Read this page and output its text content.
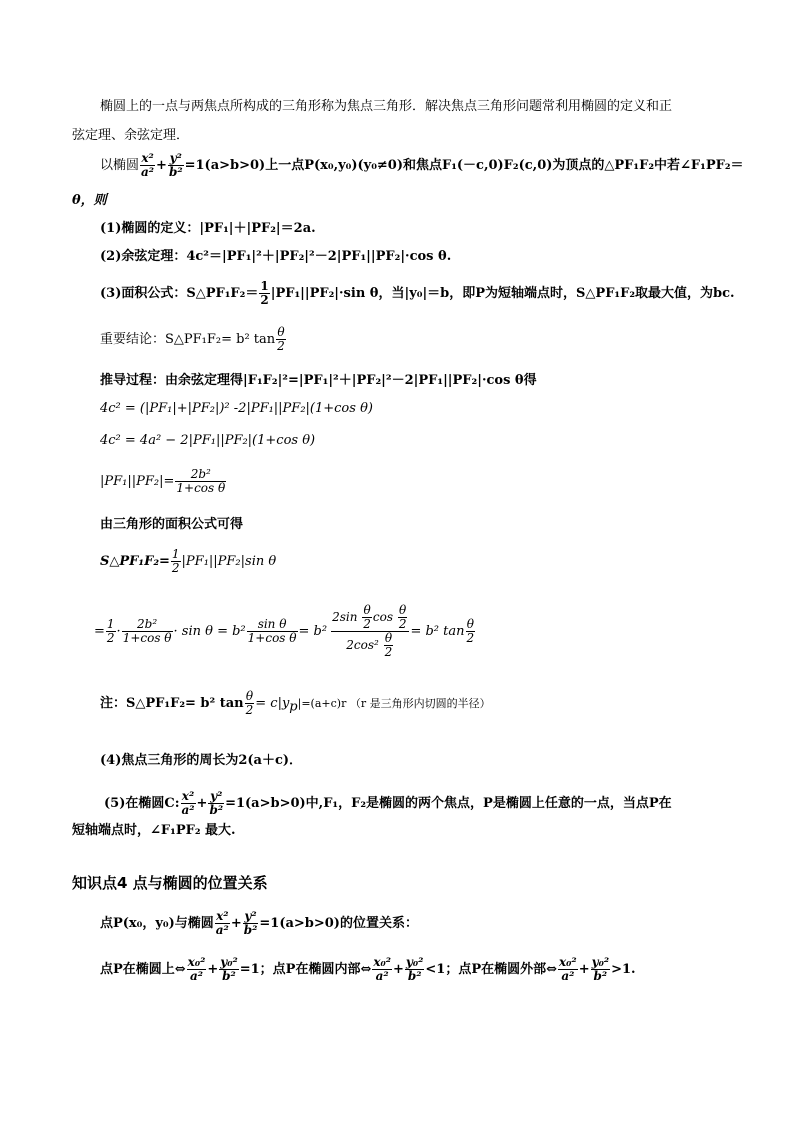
椭圆上的一点与两焦点所构成的三角形称为焦点三角形．解决焦点三角形问题常利用椭圆的定义和正
弦定理、余弦定理．
以椭圆 $\frac{\text{x²}}{\text{a²}} + \frac{\text{y²}}{\text{b²}} =1(a>b>0)$上一点P(x₀,y₀)(y₀≠0)和焦点F₁(－c,0)F₂(c,0)为顶点的△PF₁F₂中若∠F₁PF₂＝
θ，则
(1)椭圆的定义：|PF₁|＋|PF₂|＝2a.
(2)余弦定理：4c²＝|PF₁|²＋|PF₂|²－2|PF₁||PF₂|·cos θ.
(3)面积公式：S△PF₁F₂＝ $\frac{1}{2} |PF_1||PF_2|\cdot\sin$ θ，当|y₀|＝b，即P为短轴端点时，S△PF₁F₂取最大值，为bc.
重要结论：S△PF₁F₂= b² $\tan \frac{\theta}{2}$
推导过程：由余弦定理得|F₁F₂|²=|PF₁|²＋|PF₂|²－2|PF₁||PF₂|·cos θ得
4c² = (|PF₁|+|PF₂|)² -2|PF₁||PF₂|(1+cos θ)
4c² = 4a² − 2|PF₁||PF₂|(1+cos θ)
$|PF_1||PF_2|= \frac{\text{2b²}}{\text{1+cos θ}}$
由三角形的面积公式可得
S△PF₁F₂= $\frac{1}{2} |PF_1||PF_2|\sin$ θ
= $\frac{1}{2} \cdot \frac{\text{2b²}}{\text{1+cos θ}} \cdot \sin \theta = b^2 \frac{\text{sin θ}}{\text{1+cos θ}} = b^2 \frac{2\sin \frac{\theta}{2} \cos \frac{\theta}{2}}{2\cos^2 \frac{\theta}{2}} = b^2$ $\tan \frac{\theta}{2}$
注：S△PF₁F₂= b² $\tan \frac{\theta}{2} = c|y_p|=(a+c)r$ （r 是三角形内切圆的半径）
(4)焦点三角形的周长为2(a＋c)．
(5)在椭圆C: $\frac{\text{x²}}{\text{a²}} + \frac{\text{y²}}{\text{b²}} =1(a>b>0)$中,F₁，F₂是椭圆的两个焦点，P是椭圆上任意的一点，当点P在
短轴端点时，∠F₁PF₂ 最大.
知识点4 点与椭圆的位置关系
点P(x₀，y₀)与椭圆 $\frac{\text{x²}}{\text{a²}} + \frac{\text{y²}}{\text{b²}} =1(a>b>0)$的位置关系：
点P在椭圆上⇔ $\frac{\text{x₀²}}{\text{a²}} + \frac{\text{y₀²}}{\text{b²}} =1$；点P在椭圆内部⇔ $\frac{\text{x₀²}}{\text{a²}} + \frac{\text{y₀²}}{\text{b²}} <1$；点P在椭圆外部⇔ $\frac{\text{x₀²}}{\text{a²}} + \frac{\text{y₀²}}{\text{b²}} >1$.
